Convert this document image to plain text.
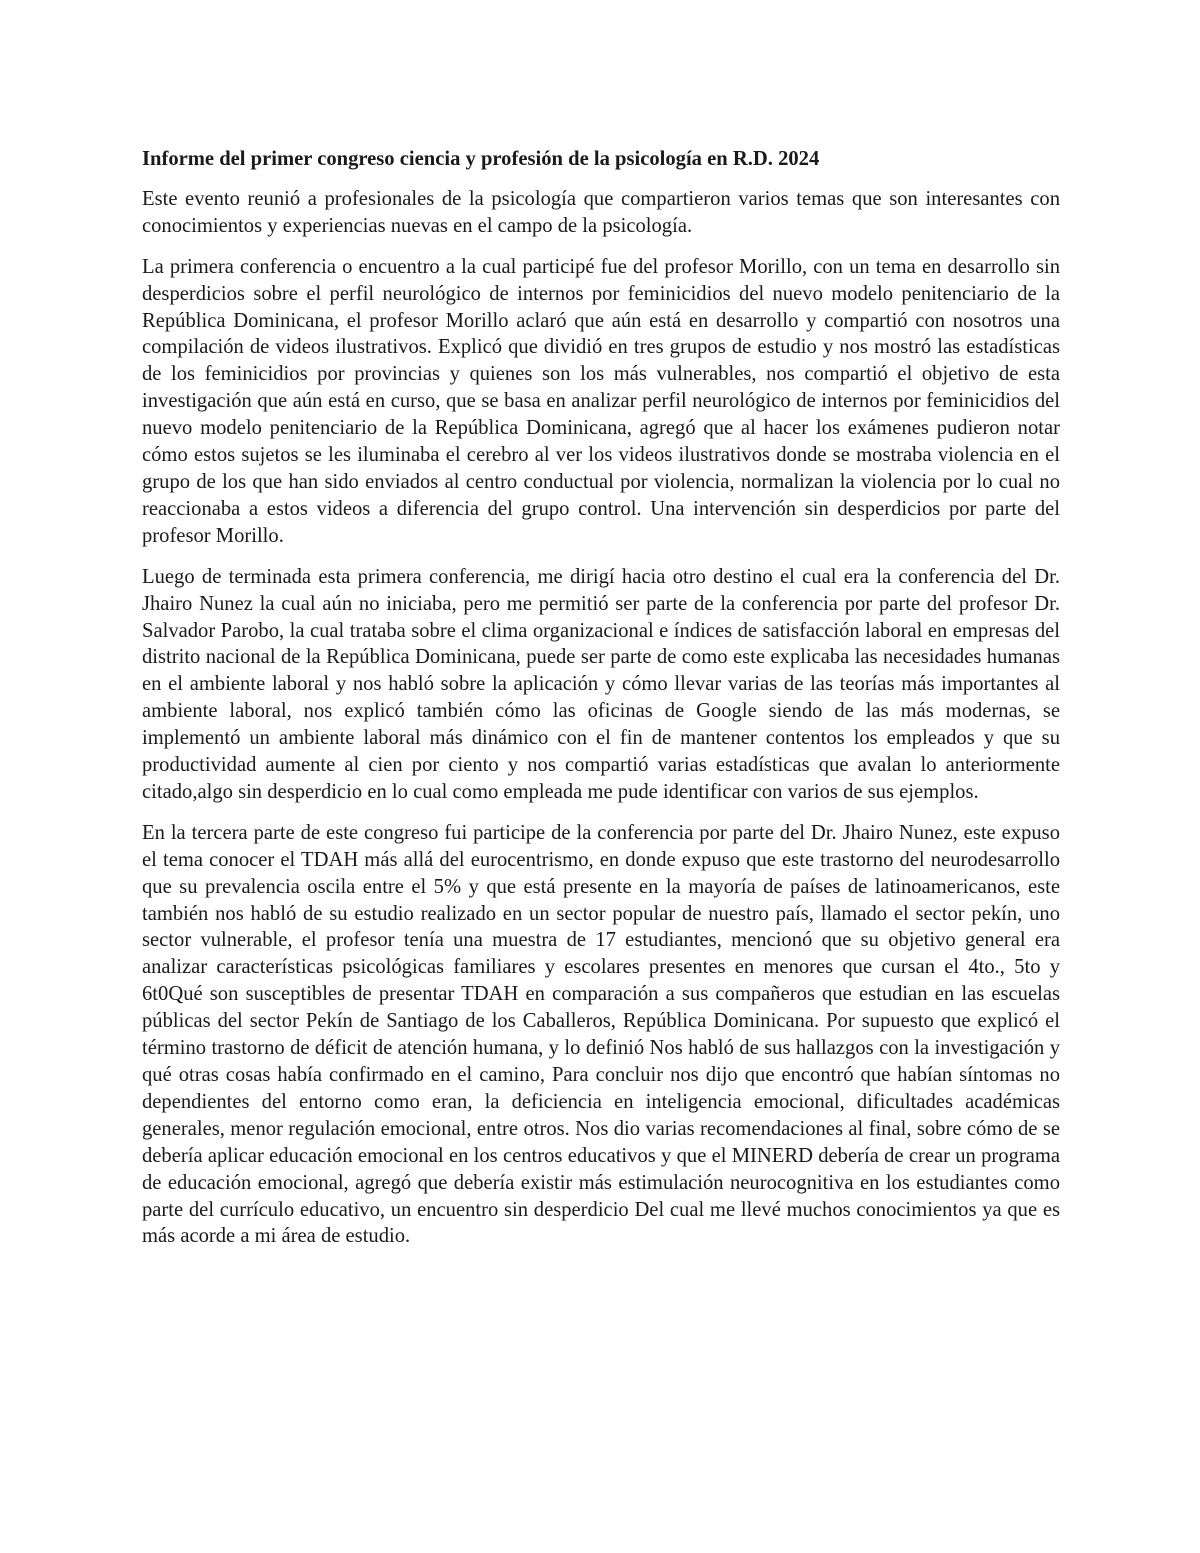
Informe del primer congreso ciencia y profesión de la psicología en R.D. 2024

Este evento reunió a profesionales de la psicología que compartieron varios temas que son interesantes con conocimientos y experiencias nuevas en el campo de la psicología.

La primera conferencia o encuentro a la cual participé fue del profesor Morillo, con un tema en desarrollo sin desperdicios sobre el perfil neurológico de internos por feminicidios del nuevo modelo penitenciario de la República Dominicana, el profesor Morillo aclaró que aún está en desarrollo y compartió con nosotros una compilación de videos ilustrativos. Explicó que dividió en tres grupos de estudio y nos mostró las estadísticas de los feminicidios por provincias y quienes son los más vulnerables, nos compartió el objetivo de esta investigación que aún está en curso, que se basa en analizar perfil neurológico de internos por feminicidios del nuevo modelo penitenciario de la República Dominicana, agregó que al hacer los exámenes pudieron notar cómo estos sujetos se les iluminaba el cerebro al ver los videos ilustrativos donde se mostraba violencia en el grupo de los que han sido enviados al centro conductual por violencia, normalizan la violencia por lo cual no reaccionaba a estos videos a diferencia del grupo control. Una intervención sin desperdicios por parte del profesor Morillo.

Luego de terminada esta primera conferencia, me dirigí hacia otro destino el cual era la conferencia del Dr. Jhairo Nunez la cual aún no iniciaba, pero me permitió ser parte de la conferencia por parte del profesor Dr. Salvador Parobo, la cual trataba sobre el clima organizacional e índices de satisfacción laboral en empresas del distrito nacional de la República Dominicana, puede ser parte de como este explicaba las necesidades humanas en el ambiente laboral y nos habló sobre la aplicación y cómo llevar varias de las teorías más importantes al ambiente laboral, nos explicó también cómo las oficinas de Google siendo de las más modernas, se implementó un ambiente laboral más dinámico con el fin de mantener contentos los empleados y que su productividad aumente al cien por ciento y nos compartió varias estadísticas que avalan lo anteriormente citado,algo sin desperdicio en lo cual como empleada me pude identificar con varios de sus ejemplos.

En la tercera parte de este congreso fui participe de la conferencia por parte del Dr. Jhairo Nunez, este expuso el tema conocer el TDAH más allá del eurocentrismo, en donde expuso que este trastorno del neurodesarrollo que su prevalencia oscila entre el 5% y que está presente en la mayoría de países de latinoamericanos, este también nos habló de su estudio realizado en un sector popular de nuestro país, llamado el sector pekín, uno sector vulnerable, el profesor tenía una muestra de 17 estudiantes, mencionó que su objetivo general era analizar características psicológicas familiares y escolares presentes en menores que cursan el 4to., 5to y 6t0Qué son susceptibles de presentar TDAH en comparación a sus compañeros que estudian en las escuelas públicas del sector Pekín de Santiago de los Caballeros, República Dominicana. Por supuesto que explicó el término trastorno de déficit de atención humana, y lo definió Nos habló de sus hallazgos con la investigación y qué otras cosas había confirmado en el camino, Para concluir nos dijo que encontró que habían síntomas no dependientes del entorno como eran, la deficiencia en inteligencia emocional, dificultades académicas generales, menor regulación emocional, entre otros. Nos dio varias recomendaciones al final, sobre cómo de se debería aplicar educación emocional en los centros educativos y que el MINERD debería de crear un programa de educación emocional, agregó que debería existir más estimulación neurocognitiva en los estudiantes como parte del currículo educativo, un encuentro sin desperdicio Del cual me llevé muchos conocimientos ya que es más acorde a mi área de estudio.
